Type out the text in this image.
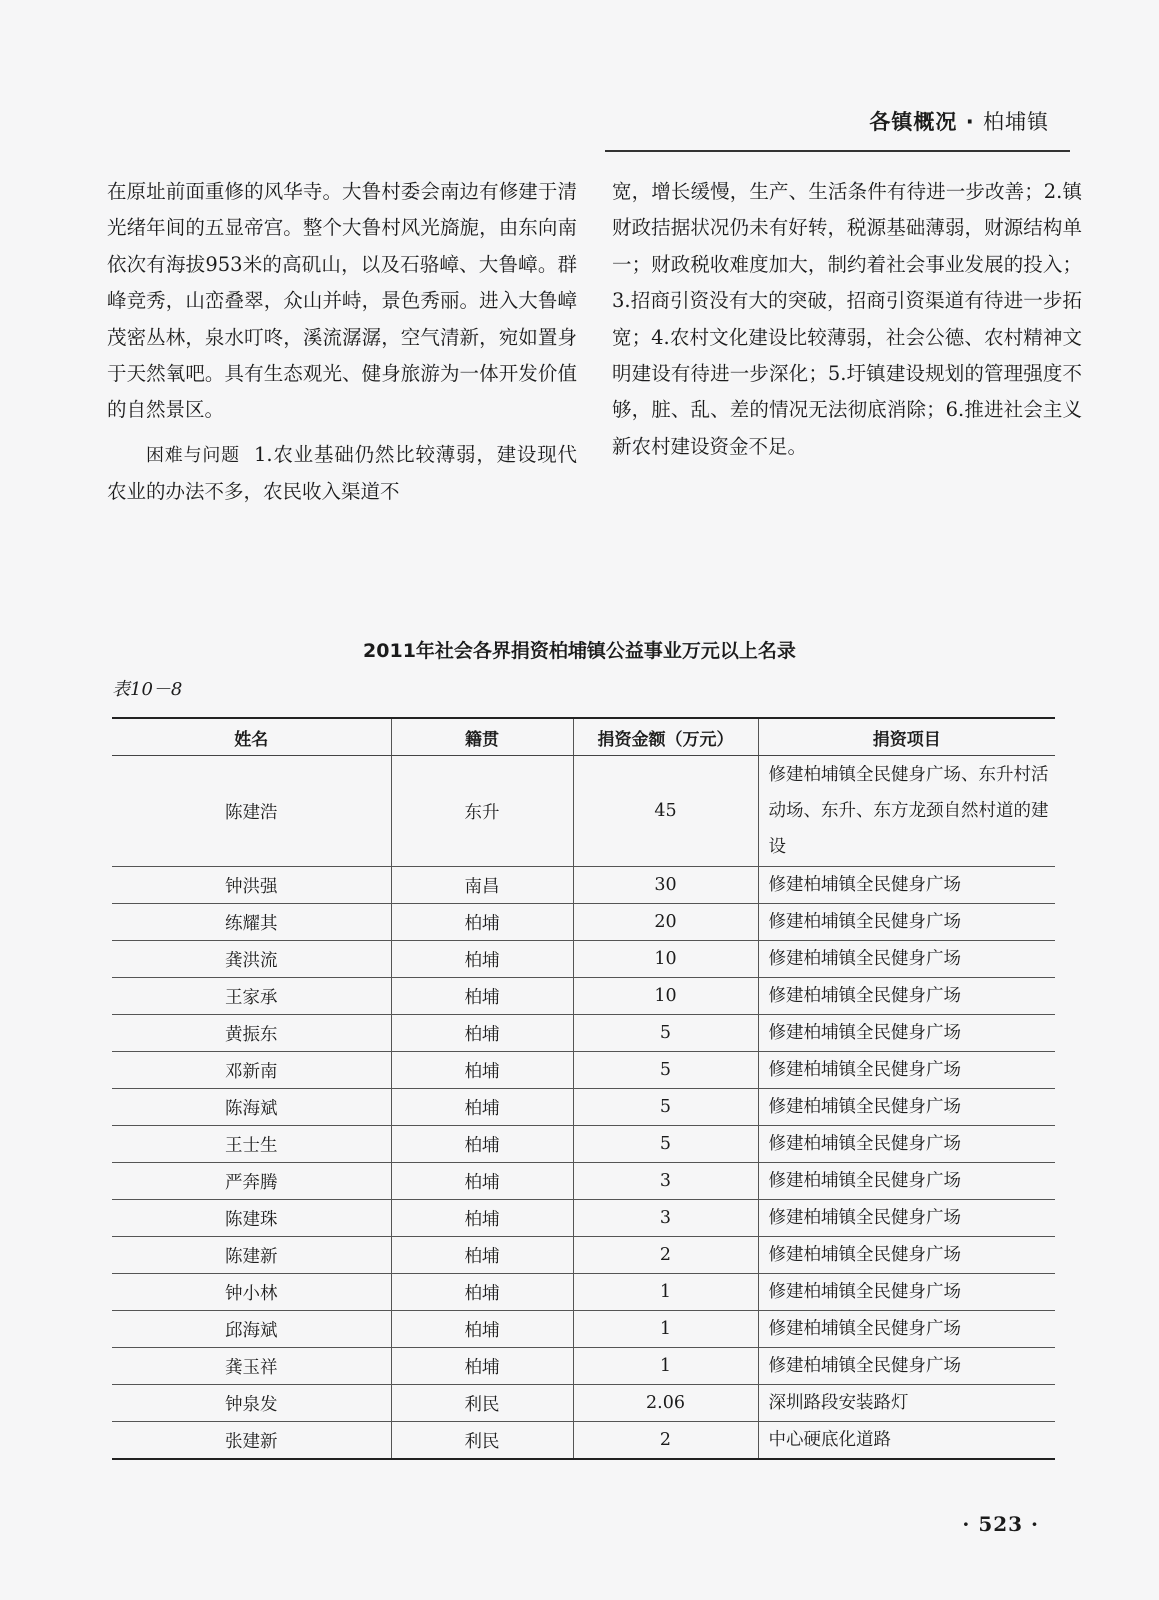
各镇概况 · 柏埔镇

在原址前面重修的风华寺。大鲁村委会南边有修建于清光绪年间的五显帝宫。整个大鲁村风光旖旎，由东向南依次有海拔953米的高矶山，以及石骆嶂、大鲁嶂。群峰竞秀，山峦叠翠，众山并峙，景色秀丽。进入大鲁嶂茂密丛林，泉水叮咚，溪流潺潺，空气清新，宛如置身于天然氧吧。具有生态观光、健身旅游为一体开发价值的自然景区。

困难与问题 1.农业基础仍然比较薄弱，建设现代农业的办法不多，农民收入渠道不

宽，增长缓慢，生产、生活条件有待进一步改善；2.镇财政拮据状况仍未有好转，税源基础薄弱，财源结构单一；财政税收难度加大，制约着社会事业发展的投入；3.招商引资没有大的突破，招商引资渠道有待进一步拓宽；4.农村文化建设比较薄弱，社会公德、农村精神文明建设有待进一步深化；5.圩镇建设规划的管理强度不够，脏、乱、差的情况无法彻底消除；6.推进社会主义新农村建设资金不足。

2011年社会各界捐资柏埔镇公益事业万元以上名录
表10－8
姓名	籍贯	捐资金额（万元）	捐资项目
陈建浩	东升	45	修建柏埔镇全民健身广场、东升村活动场、东升、东方龙颈自然村道的建设
钟洪强	南昌	30	修建柏埔镇全民健身广场
练耀其	柏埔	20	修建柏埔镇全民健身广场
龚洪流	柏埔	10	修建柏埔镇全民健身广场
王家承	柏埔	10	修建柏埔镇全民健身广场
黄振东	柏埔	5	修建柏埔镇全民健身广场
邓新南	柏埔	5	修建柏埔镇全民健身广场
陈海斌	柏埔	5	修建柏埔镇全民健身广场
王士生	柏埔	5	修建柏埔镇全民健身广场
严奔腾	柏埔	3	修建柏埔镇全民健身广场
陈建珠	柏埔	3	修建柏埔镇全民健身广场
陈建新	柏埔	2	修建柏埔镇全民健身广场
钟小林	柏埔	1	修建柏埔镇全民健身广场
邱海斌	柏埔	1	修建柏埔镇全民健身广场
龚玉祥	柏埔	1	修建柏埔镇全民健身广场
钟泉发	利民	2.06	深圳路段安装路灯
张建新	利民	2	中心硬底化道路
· 523 ·
